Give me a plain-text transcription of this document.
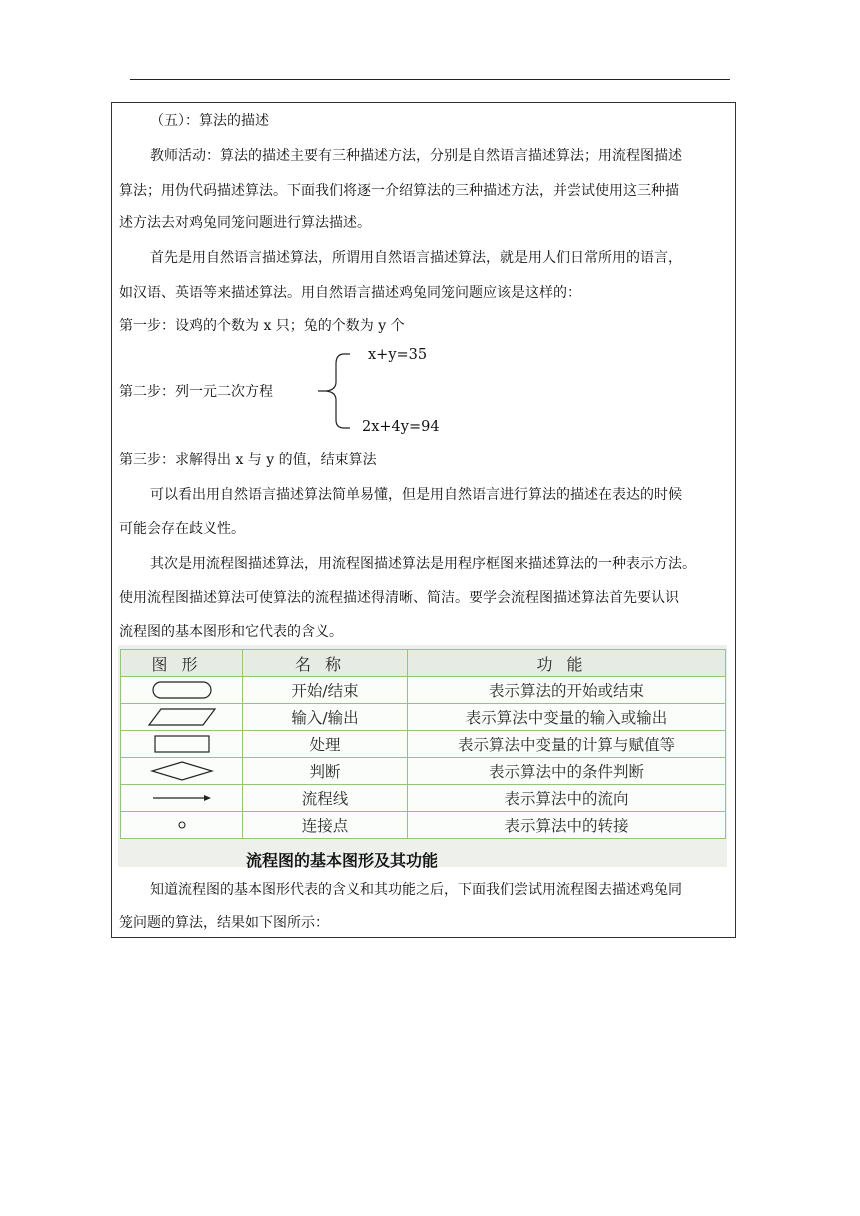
（五）：算法的描述
教师活动：算法的描述主要有三种描述方法，分别是自然语言描述算法；用流程图描述
算法；用伪代码描述算法。下面我们将逐一介绍算法的三种描述方法，并尝试使用这三种描
述方法去对鸡兔同笼问题进行算法描述。
首先是用自然语言描述算法，所谓用自然语言描述算法，就是用人们日常所用的语言，
如汉语、英语等来描述算法。用自然语言描述鸡兔同笼问题应该是这样的：
第一步：设鸡的个数为 x 只；兔的个数为 y 个
第二步：列一元二次方程
x+y=35
2x+4y=94
第三步：求解得出 x 与 y 的值，结束算法
可以看出用自然语言描述算法简单易懂，但是用自然语言进行算法的描述在表达的时候
可能会存在歧义性。
其次是用流程图描述算法，用流程图描述算法是用程序框图来描述算法的一种表示方法。
使用流程图描述算法可使算法的流程描述得清晰、简洁。要学会流程图描述算法首先要认识
流程图的基本图形和它代表的含义。
图形	名称	功能

	开始/结束	表示算法的开始或结束

	输入/输出	表示算法中变量的输入或输出

	处理	表示算法中变量的计算与赋值等

	判断	表示算法中的条件判断

	流程线	表示算法中的流向

	连接点	表示算法中的转接
流程图的基本图形及其功能
知道流程图的基本图形代表的含义和其功能之后，下面我们尝试用流程图去描述鸡兔同
笼问题的算法，结果如下图所示：
